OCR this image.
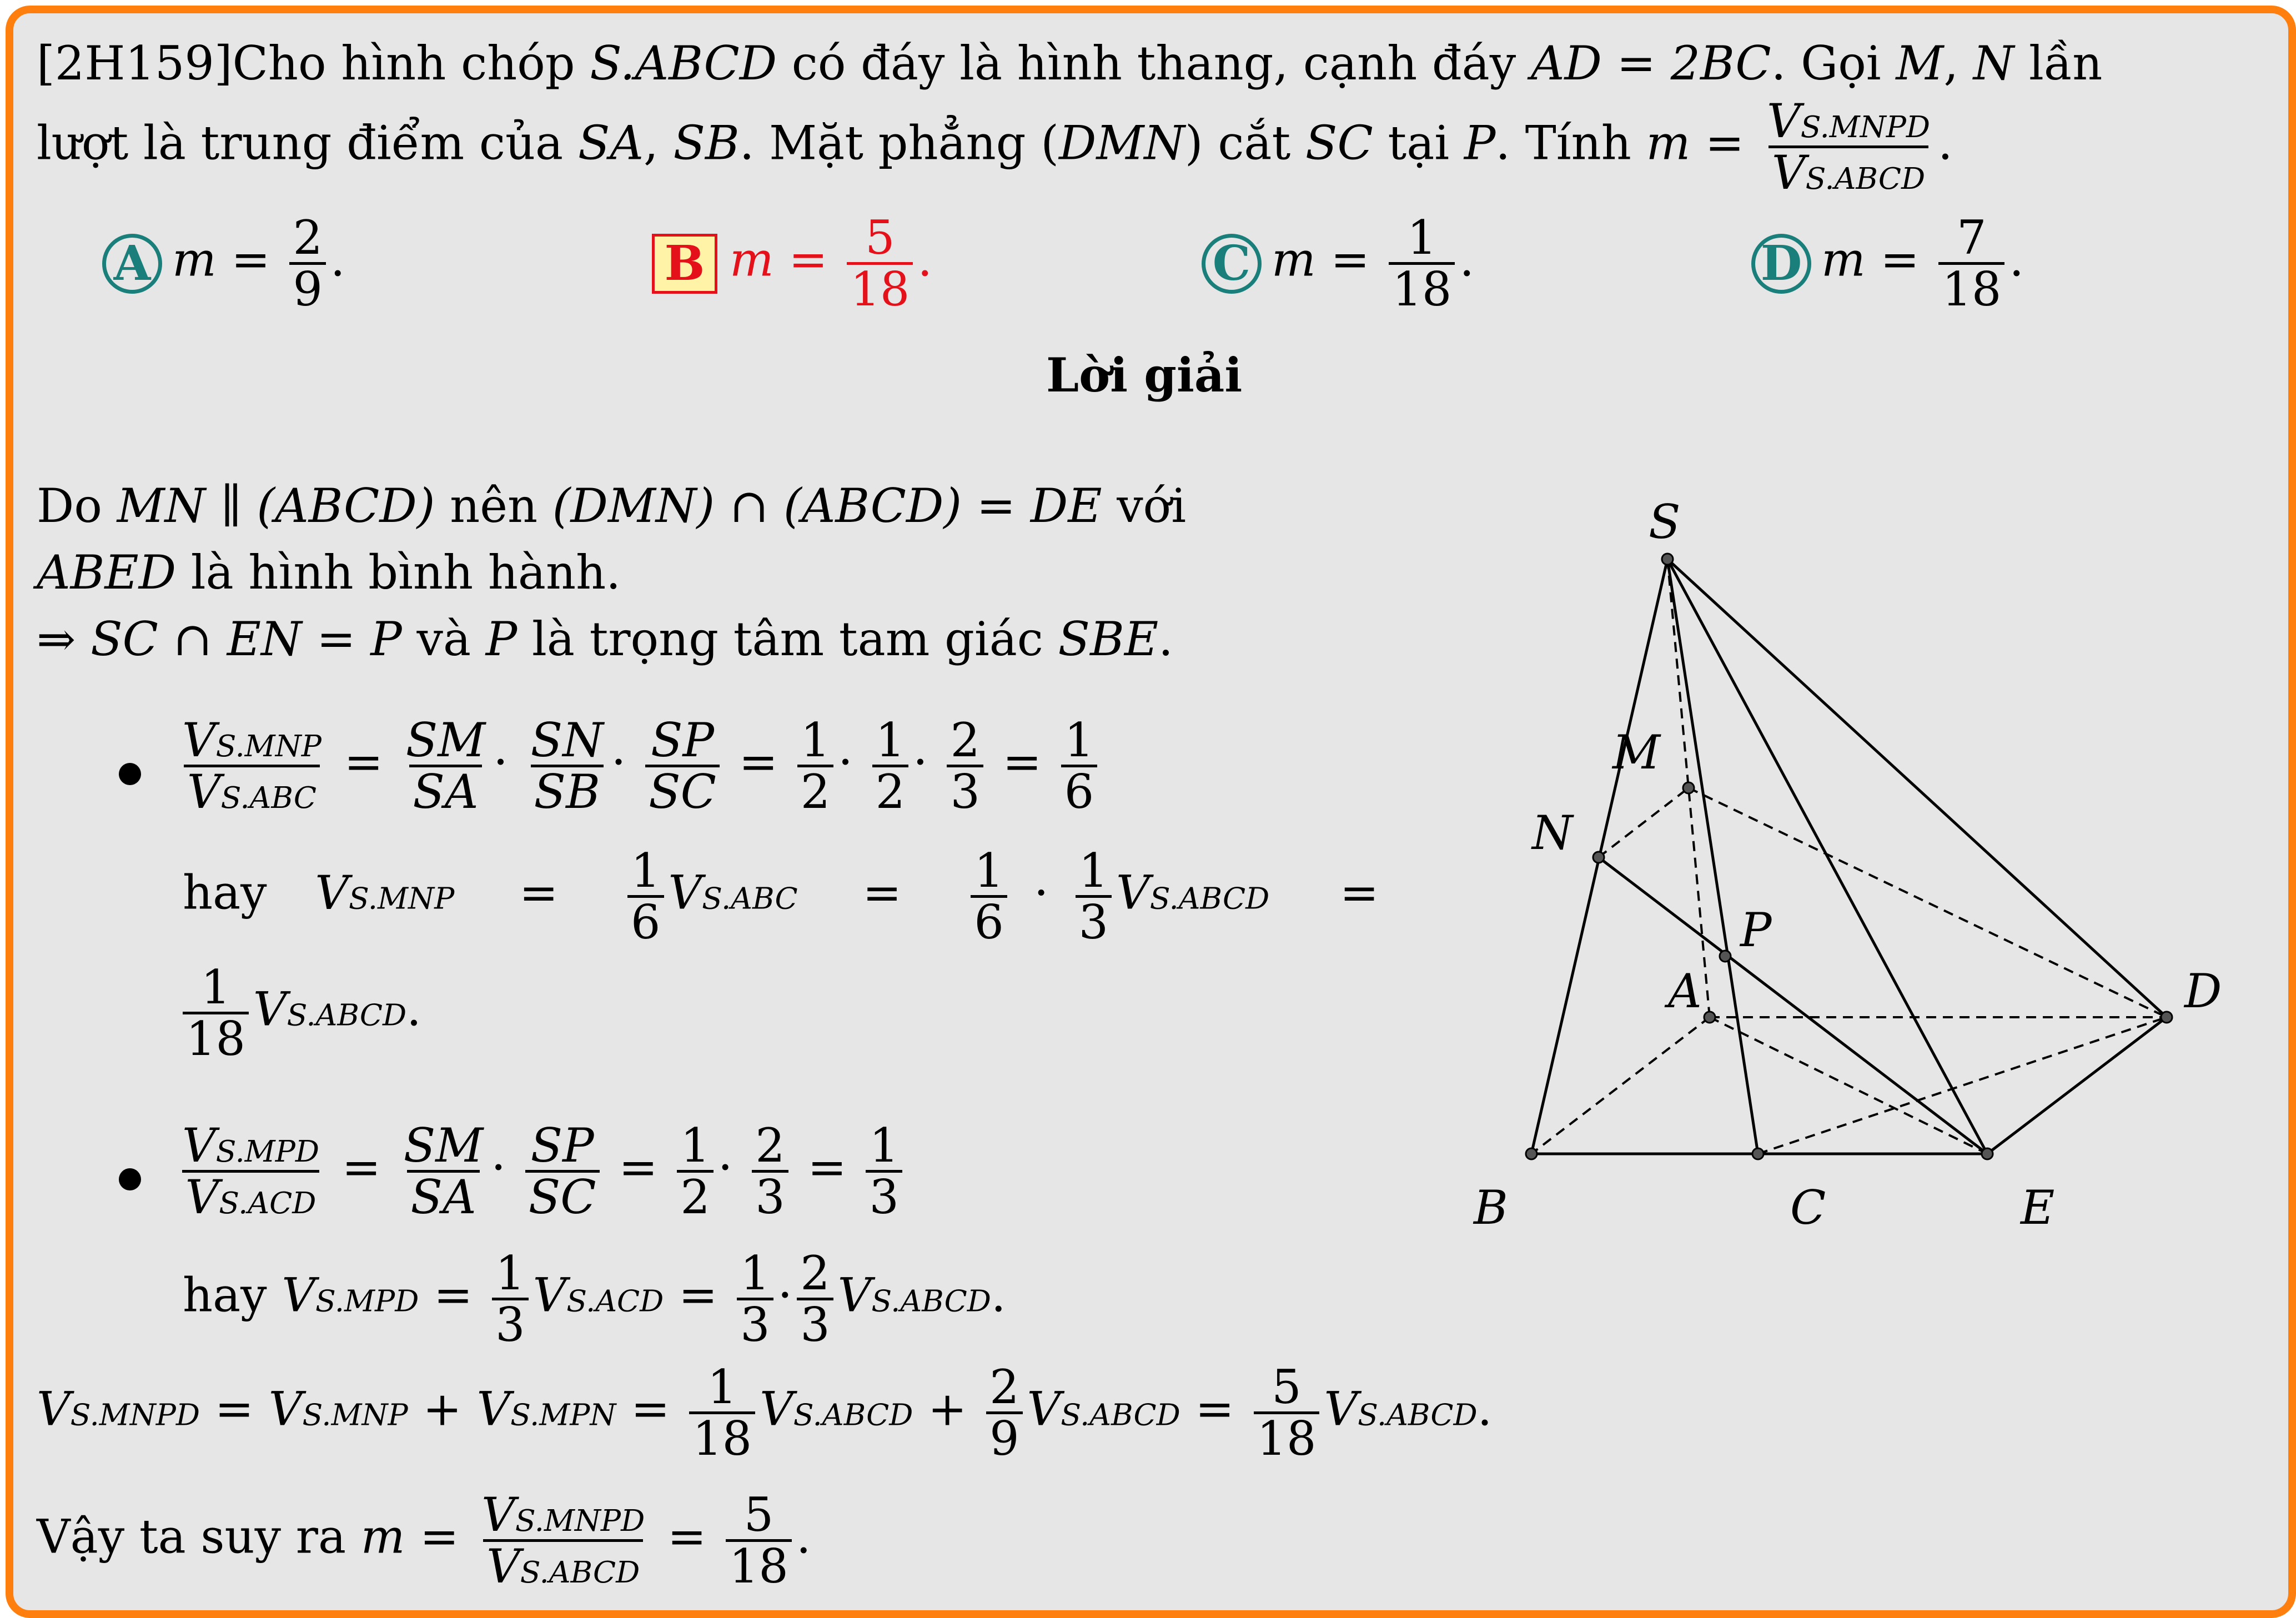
[2H159]Cho hình chóp S.ABCD có đáy là hình thang, cạnh đáy AD = 2BC. Gọi M, N lần
lượt là trung điểm của SA, SB. Mặt phẳng (DMN) cắt SC tại P. Tính $m = \frac{\text{VS.MNPD}}{\text{VS.ABCD}}$ .
A $m = \frac{2}{9}$ .	B $m = \frac{5}{18}$ .	C $m = \frac{1}{18}$ .	D $m = \frac{7}{18}$ .
Lời giải
Do MN ∥ (ABCD) nên (DMN) ∩ (ABCD) = DE với
ABED là hình bình hành.
⇒ SC ∩ EN = P và P là trọng tâm tam giác SBE.
$\frac{\text{VS.MNP}}{\text{VS.ABC}} = \frac{SM}{SA} \cdot \frac{SN}{SB} \cdot \frac{SP}{SC} = \frac{1}{2} \cdot \frac{1}{2} \cdot \frac{2}{3} = \frac{1}{6}$
hay $VS.MNP = \frac{1}{6} VS.ABC = \frac{1}{6} \cdot \frac{1}{3}$ VS.ABCD =
$\frac{1}{18}$ VS.ABCD.
$\frac{\text{VS.MPD}}{\text{VS.ACD}} = \frac{SM}{SA} \cdot \frac{SP}{SC} = \frac{1}{2} \cdot \frac{2}{3} = \frac{1}{3}$
hay $VS.MPD = \frac{1}{3} VS.ACD = \frac{1}{3} \cdot \frac{2}{3}$ VS.ABCD.
VS.MNPD = $VS.MNP + VS.MPN = \frac{1}{18}$ VS.ABCD + $\frac{2}{9}$ VS.ABCD = $\frac{5}{18}$ VS.ABCD.
Vậy ta suy ra $m = \frac{\text{VS.MNPD}}{\text{VS.ABCD}} = \frac{5}{18}$ .
S
M
N
P
A	D
B	C	E
